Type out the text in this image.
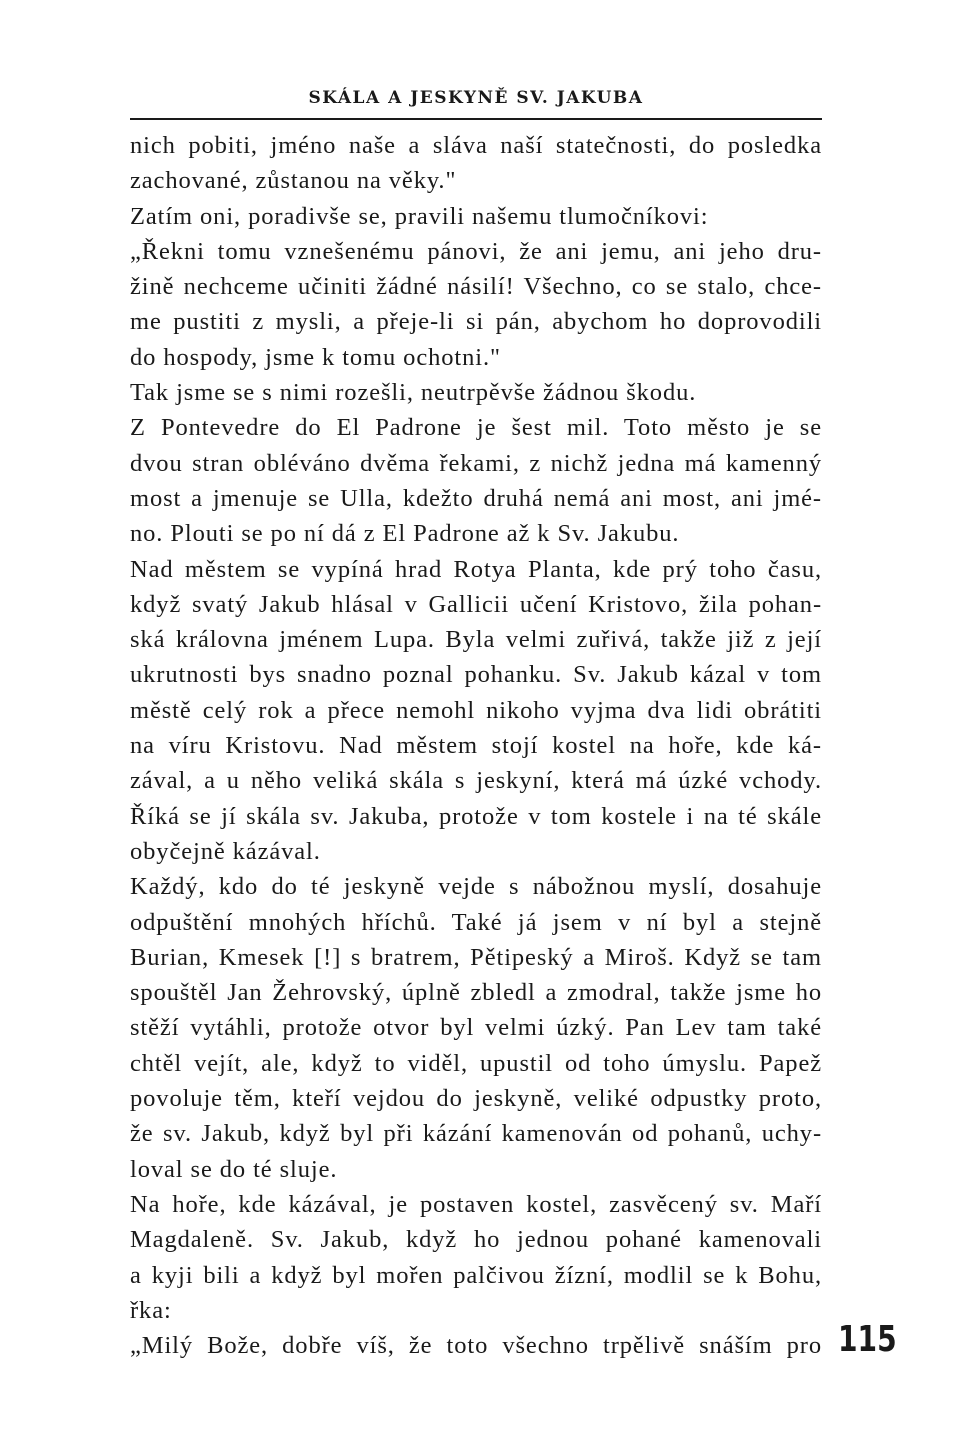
SKÁLA A JESKYNĚ SV. JAKUBA
nich pobiti, jméno naše a sláva naší statečnosti, do posledka
zachované, zůstanou na věky."
Zatím oni, poradivše se, pravili našemu tlumočníkovi:
„Řekni tomu vznešenému pánovi, že ani jemu, ani jeho dru-
žině nechceme učiniti žádné násilí! Všechno, co se stalo, chce-
me pustiti z mysli, a přeje-li si pán, abychom ho doprovodili
do hospody, jsme k tomu ochotni."
Tak jsme se s nimi rozešli, neutrpěvše žádnou škodu.
Z Pontevedre do El Padrone je šest mil. Toto město je se
dvou stran obléváno dvěma řekami, z nichž jedna má kamenný
most a jmenuje se Ulla, kdežto druhá nemá ani most, ani jmé-
no. Plouti se po ní dá z El Padrone až k Sv. Jakubu.
Nad městem se vypíná hrad Rotya Planta, kde prý toho času,
když svatý Jakub hlásal v Gallicii učení Kristovo, žila pohan-
ská královna jménem Lupa. Byla velmi zuřivá, takže již z její
ukrutnosti bys snadno poznal pohanku. Sv. Jakub kázal v tom
městě celý rok a přece nemohl nikoho vyjma dva lidi obrátiti
na víru Kristovu. Nad městem stojí kostel na hoře, kde ká-
zával, a u něho veliká skála s jeskyní, která má úzké vchody.
Říká se jí skála sv. Jakuba, protože v tom kostele i na té skále
obyčejně kázával.
Každý, kdo do té jeskyně vejde s nábožnou myslí, dosahuje
odpuštění mnohých hříchů. Také já jsem v ní byl a stejně
Burian, Kmesek [!] s bratrem, Pětipeský a Miroš. Když se tam
spouštěl Jan Žehrovský, úplně zbledl a zmodral, takže jsme ho
stěží vytáhli, protože otvor byl velmi úzký. Pan Lev tam také
chtěl vejít, ale, když to viděl, upustil od toho úmyslu. Papež
povoluje těm, kteří vejdou do jeskyně, veliké odpustky proto,
že sv. Jakub, když byl při kázání kamenován od pohanů, uchy-
loval se do té sluje.
Na hoře, kde kázával, je postaven kostel, zasvěcený sv. Maří
Magdaleně. Sv. Jakub, když ho jednou pohané kamenovali
a kyji bili a když byl mořen palčivou žízní, modlil se k Bohu,
řka:
„Milý Bože, dobře víš, že toto všechno trpělivě snáším pro 115
